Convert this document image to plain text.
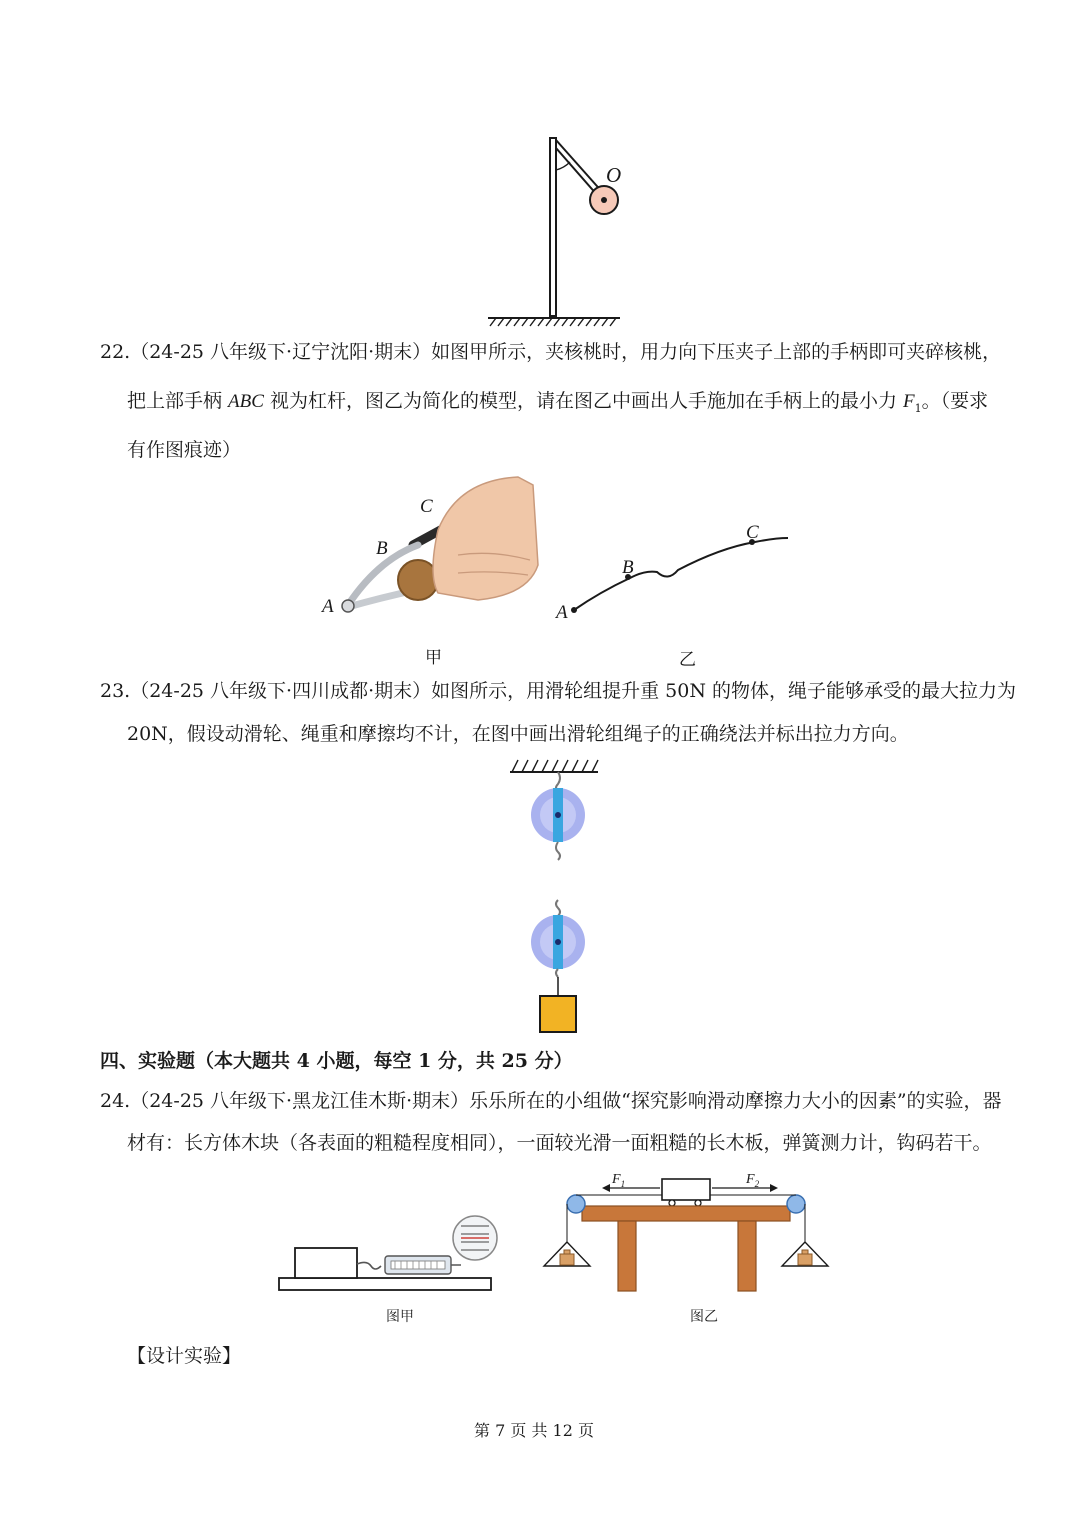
O
22.（24-25 八年级下·辽宁沈阳·期末）如图甲所示，夹核桃时，用力向下压夹子上部的手柄即可夹碎核桃，
把上部手柄 ABC 视为杠杆，图乙为简化的模型，请在图乙中画出人手施加在手柄上的最小力 $F_1$。（要求
有作图痕迹）
A
B
C
甲
A
B
C
乙
23.（24-25 八年级下·四川成都·期末）如图所示，用滑轮组提升重 50N 的物体，绳子能够承受的最大拉力为
20N，假设动滑轮、绳重和摩擦均不计，在图中画出滑轮组绳子的正确绕法并标出拉力方向。
四、实验题（本大题共 4 小题，每空 1 分，共 25 分）
24.（24-25 八年级下·黑龙江佳木斯·期末）乐乐所在的小组做“探究影响滑动摩擦力大小的因素”的实验，器
材有：长方体木块（各表面的粗糙程度相同），一面较光滑一面粗糙的长木板，弹簧测力计，钩码若干。
图甲
$F_1$	$F_2$
图乙
【设计实验】
第 7 页 共 12 页
